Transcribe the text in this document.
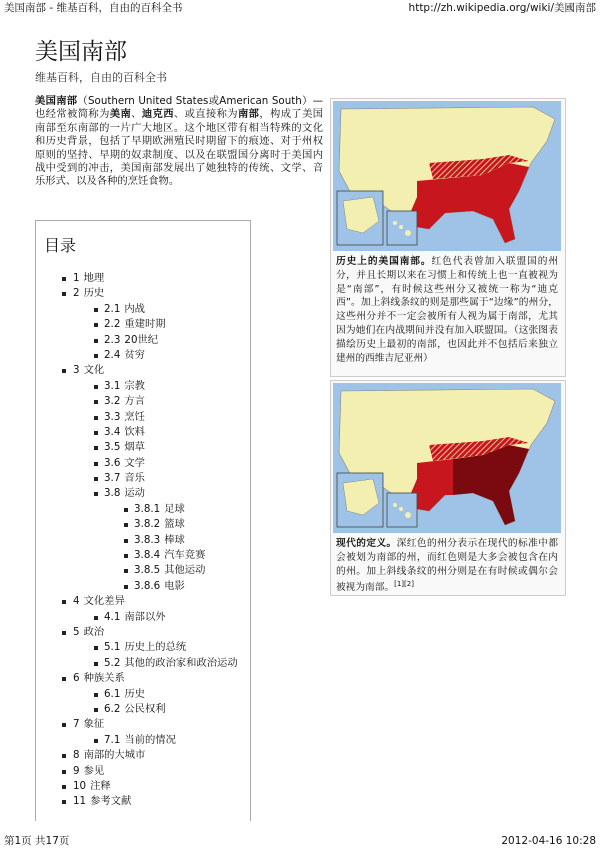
美国南部 - 维基百科，自由的百科全书	http://zh.wikipedia.org/wiki/美國南部
美国南部
维基百科，自由的百科全书
美国南部（Southern United States或American South）—也经常被简称为美南、迪克西、或直接称为南部，构成了美国南部至东南部的一片广大地区。这个地区带有相当特殊的文化和历史背景，包括了早期欧洲殖民时期留下的痕迹、对于州权原则的坚持、早期的奴隶制度、以及在联盟国分离时于美国内战中受到的冲击，美国南部发展出了她独特的传统、文学、音乐形式、以及各种的烹饪食物。
目录
1 地理
2 历史
2.1 内战
2.2 重建时期
2.3 20世纪
2.4 贫穷
3 文化
3.1 宗教
3.2 方言
3.3 烹饪
3.4 饮料
3.5 烟草
3.6 文学
3.7 音乐
3.8 运动
3.8.1 足球
3.8.2 篮球
3.8.3 棒球
3.8.4 汽车竞赛
3.8.5 其他运动
3.8.6 电影
4 文化差异
4.1 南部以外
5 政治
5.1 历史上的总统
5.2 其他的政治家和政治运动
6 种族关系
6.1 历史
6.2 公民权利
7 象征
7.1 当前的情况
8 南部的大城市
9 参见
10 注释
11 参考文献
历史上的美国南部。红色代表曾加入联盟国的州分，并且长期以来在习惯上和传统上也一直被视为是“南部”，有时候这些州分又被统一称为“迪克西”。加上斜线条纹的则是那些属于“边缘”的州分，这些州分并不一定会被所有人视为属于南部，尤其因为她们在内战期间并没有加入联盟国。（这张图表描绘历史上最初的南部，也因此并不包括后来独立建州的西维吉尼亚州）
现代的定义。深红色的州分表示在现代的标准中都会被划为南部的州，而红色则是大多会被包含在内的州。加上斜线条纹的州分则是在有时候或偶尔会被视为南部。[1][2]
第1页 共17页	2012-04-16 10:28
